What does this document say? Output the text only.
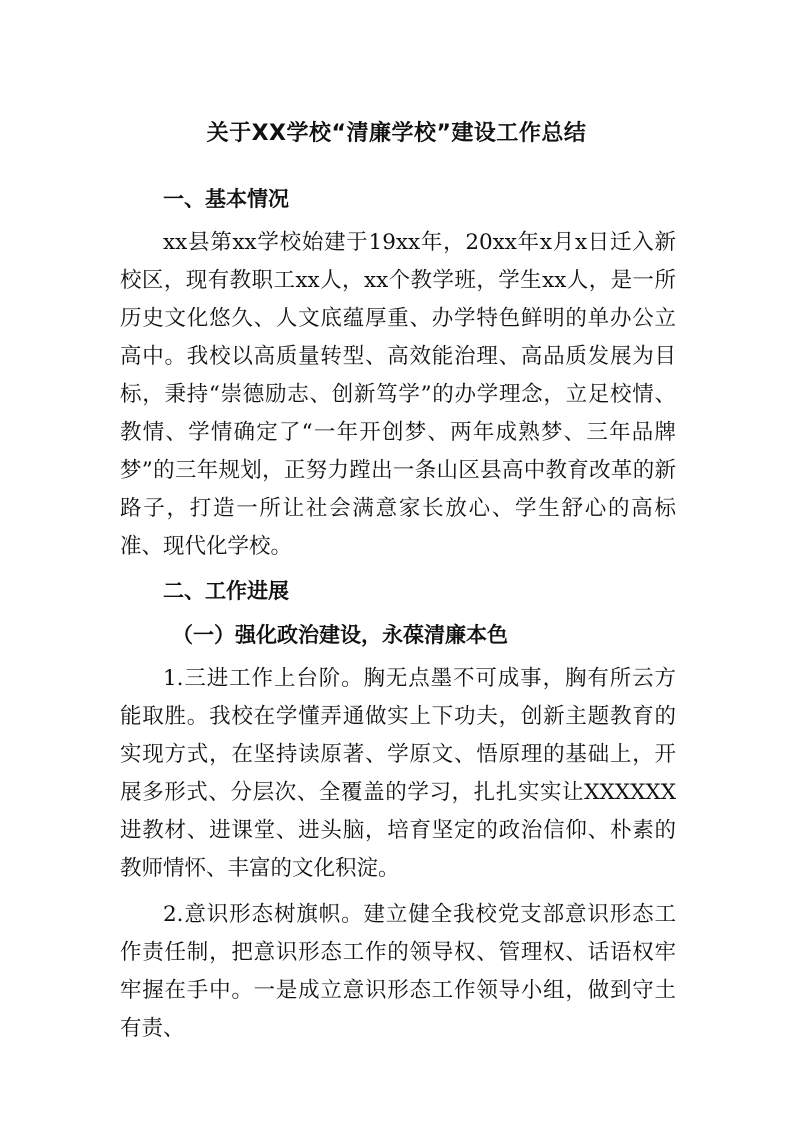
关于XX学校“清廉学校”建设工作总结
一、基本情况

xx县第xx学校始建于19xx年，20xx年x月x日迁入新校区，现有教职工xx人，xx个教学班，学生xx人，是一所历史文化悠久、人文底蕴厚重、办学特色鲜明的单办公立高中。我校以高质量转型、高效能治理、高品质发展为目标，秉持“崇德励志、创新笃学”的办学理念，立足校情、教情、学情确定了“一年开创梦、两年成熟梦、三年品牌梦”的三年规划，正努力蹚出一条山区县高中教育改革的新路子，打造一所让社会满意家长放心、学生舒心的高标准、现代化学校。

二、工作进展
（一）强化政治建设，永葆清廉本色

1.三进工作上台阶。胸无点墨不可成事，胸有所云方能取胜。我校在学懂弄通做实上下功夫，创新主题教育的实现方式，在坚持读原著、学原文、悟原理的基础上，开展多形式、分层次、全覆盖的学习，扎扎实实让XXXXXX进教材、进课堂、进头脑，培育坚定的政治信仰、朴素的教师情怀、丰富的文化积淀。

2.意识形态树旗帜。建立健全我校党支部意识形态工作责任制，把意识形态工作的领导权、管理权、话语权牢牢握在手中。一是成立意识形态工作领导小组，做到守土有责、
